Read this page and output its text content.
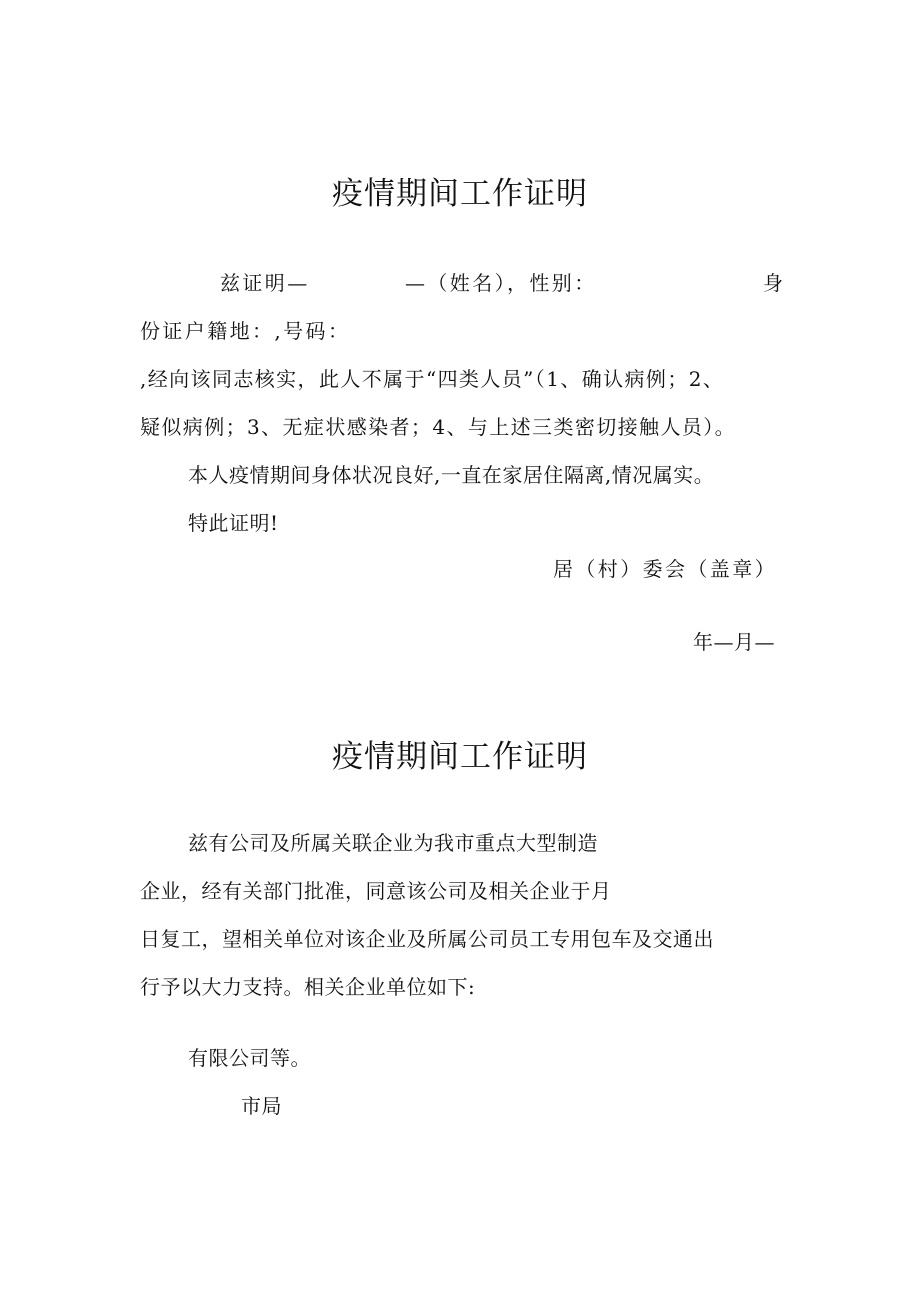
疫情期间工作证明
兹证明—	—（姓名），性别：	身
份证户籍地：,号码：
,经向该同志核实，此人不属于“四类人员”（1、确认病例；2、
疑似病例；3、无症状感染者；4、与上述三类密切接触人员）。
本人疫情期间身体状况良好,一直在家居住隔离,情况属实。
特此证明!
居（村）委会（盖章）
年—月—
疫情期间工作证明
兹有公司及所属关联企业为我市重点大型制造
企业，经有关部门批准，同意该公司及相关企业于月
日复工，望相关单位对该企业及所属公司员工专用包车及交通出
行予以大力支持。相关企业单位如下:
有限公司等。
市局
